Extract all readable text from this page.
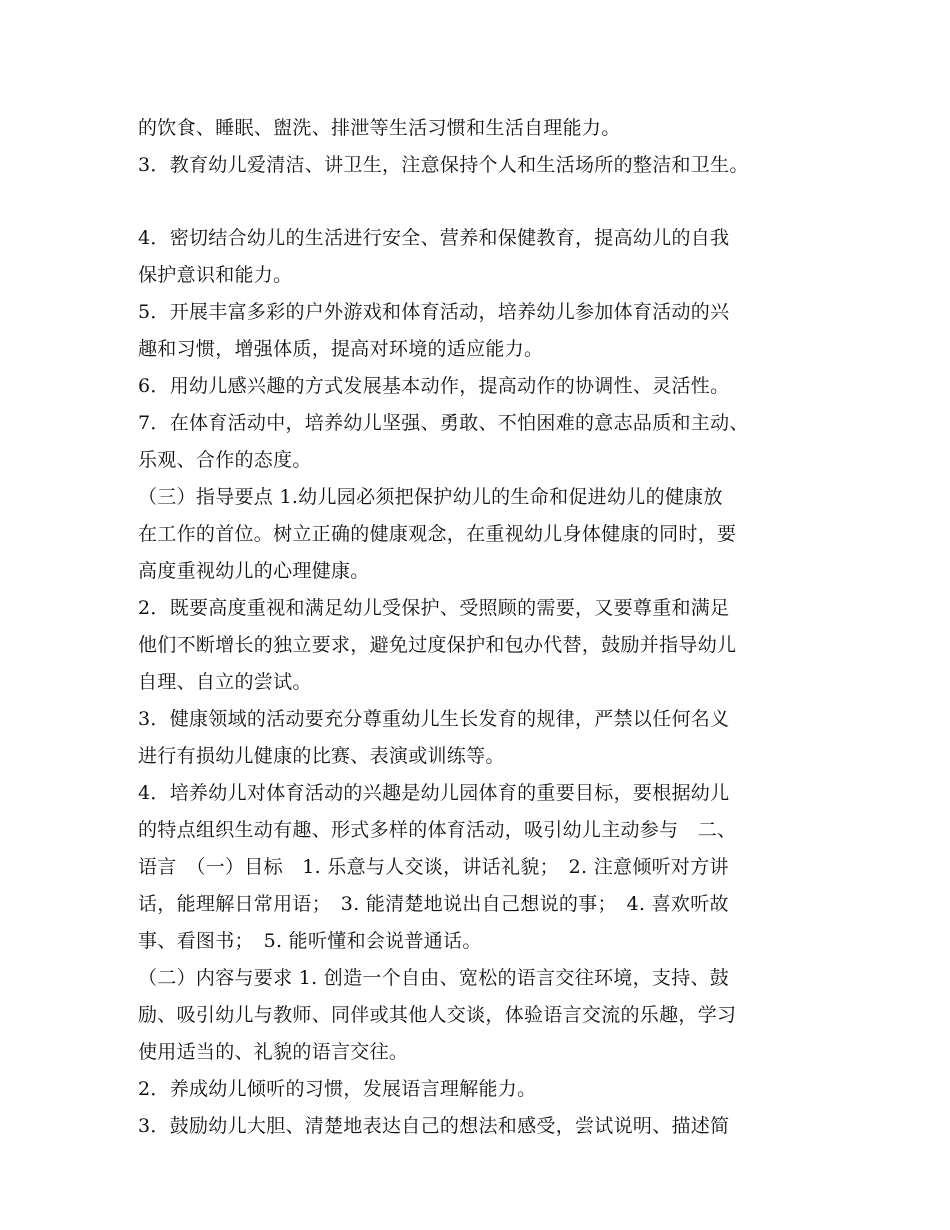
的饮食、睡眠、盥洗、排泄等生活习惯和生活自理能力。
3．教育幼儿爱清洁、讲卫生，注意保持个人和生活场所的整洁和卫生。
4．密切结合幼儿的生活进行安全、营养和保健教育，提高幼儿的自我
保护意识和能力。
5．开展丰富多彩的户外游戏和体育活动，培养幼儿参加体育活动的兴
趣和习惯，增强体质，提高对环境的适应能力。
6．用幼儿感兴趣的方式发展基本动作，提高动作的协调性、灵活性。
7．在体育活动中，培养幼儿坚强、勇敢、不怕困难的意志品质和主动、
乐观、合作的态度。
（三）指导要点 1.幼儿园必须把保护幼儿的生命和促进幼儿的健康放
在工作的首位。树立正确的健康观念，在重视幼儿身体健康的同时，要
高度重视幼儿的心理健康。
2．既要高度重视和满足幼儿受保护、受照顾的需要，又要尊重和满足
他们不断增长的独立要求，避免过度保护和包办代替，鼓励并指导幼儿
自理、自立的尝试。
3．健康领域的活动要充分尊重幼儿生长发育的规律，严禁以任何名义
进行有损幼儿健康的比赛、表演或训练等。
4．培养幼儿对体育活动的兴趣是幼儿园体育的重要目标，要根据幼儿
的特点组织生动有趣、形式多样的体育活动，吸引幼儿主动参与　二、
语言　（一）目标　1. 乐意与人交谈，讲话礼貌；　2. 注意倾听对方讲
话，能理解日常用语；　3. 能清楚地说出自己想说的事；　4. 喜欢听故
事、看图书；　5. 能听懂和会说普通话。
（二）内容与要求 1. 创造一个自由、宽松的语言交往环境，支持、鼓
励、吸引幼儿与教师、同伴或其他人交谈，体验语言交流的乐趣，学习
使用适当的、礼貌的语言交往。
2．养成幼儿倾听的习惯，发展语言理解能力。
3．鼓励幼儿大胆、清楚地表达自己的想法和感受，尝试说明、描述简
